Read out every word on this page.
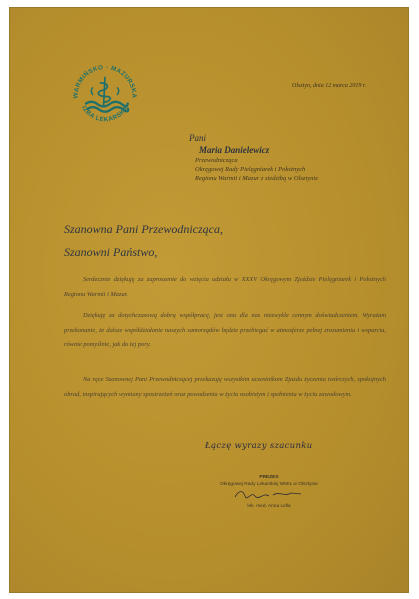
WARMIŃSKO · MAZURSKA
IZBA LEKARSKA
Olsztyn, dnia 12 marca 2019 r.
Pani
Maria Danielewicz
Przewodnicząca
Okręgowej Rady Pielęgniarek i Położnych
Regionu Warmii i Mazur z siedzibą w Olsztynie
Szanowna Pani Przewodnicząca,
Szanowni Państwo,
Serdecznie dziękuję za zaproszenie do wzięcia udziału w XXXV Okręgowym Zjeździe Pielęgniarek i Położnych Regionu Warmii i Mazur.
Dziękuję za dotychczasową dobrą współpracę, jest ona dla nas niezwykle cennym doświadczeniem. Wyrażam przekonanie, że dalsze współdziałanie naszych samorządów będzie przebiegać w atmosferze pełnej zrozumienia i wsparcia, równie pomyślnie, jak do tej pory.
Na ręce Szanownej Pani Przewodniczącej przekazuję wszystkim uczestnikom Zjazdu życzenia twórczych, spokojnych obrad, inspirujących wymiany spostrzeżeń oraz powodzenia w życiu osobistym i spełnienia w życiu zawodowym.
Łączę wyrazy szacunku
PREZES
Okręgowej Rady Lekarskiej WMIL w Olsztynie
lek. med. Anna Lella
